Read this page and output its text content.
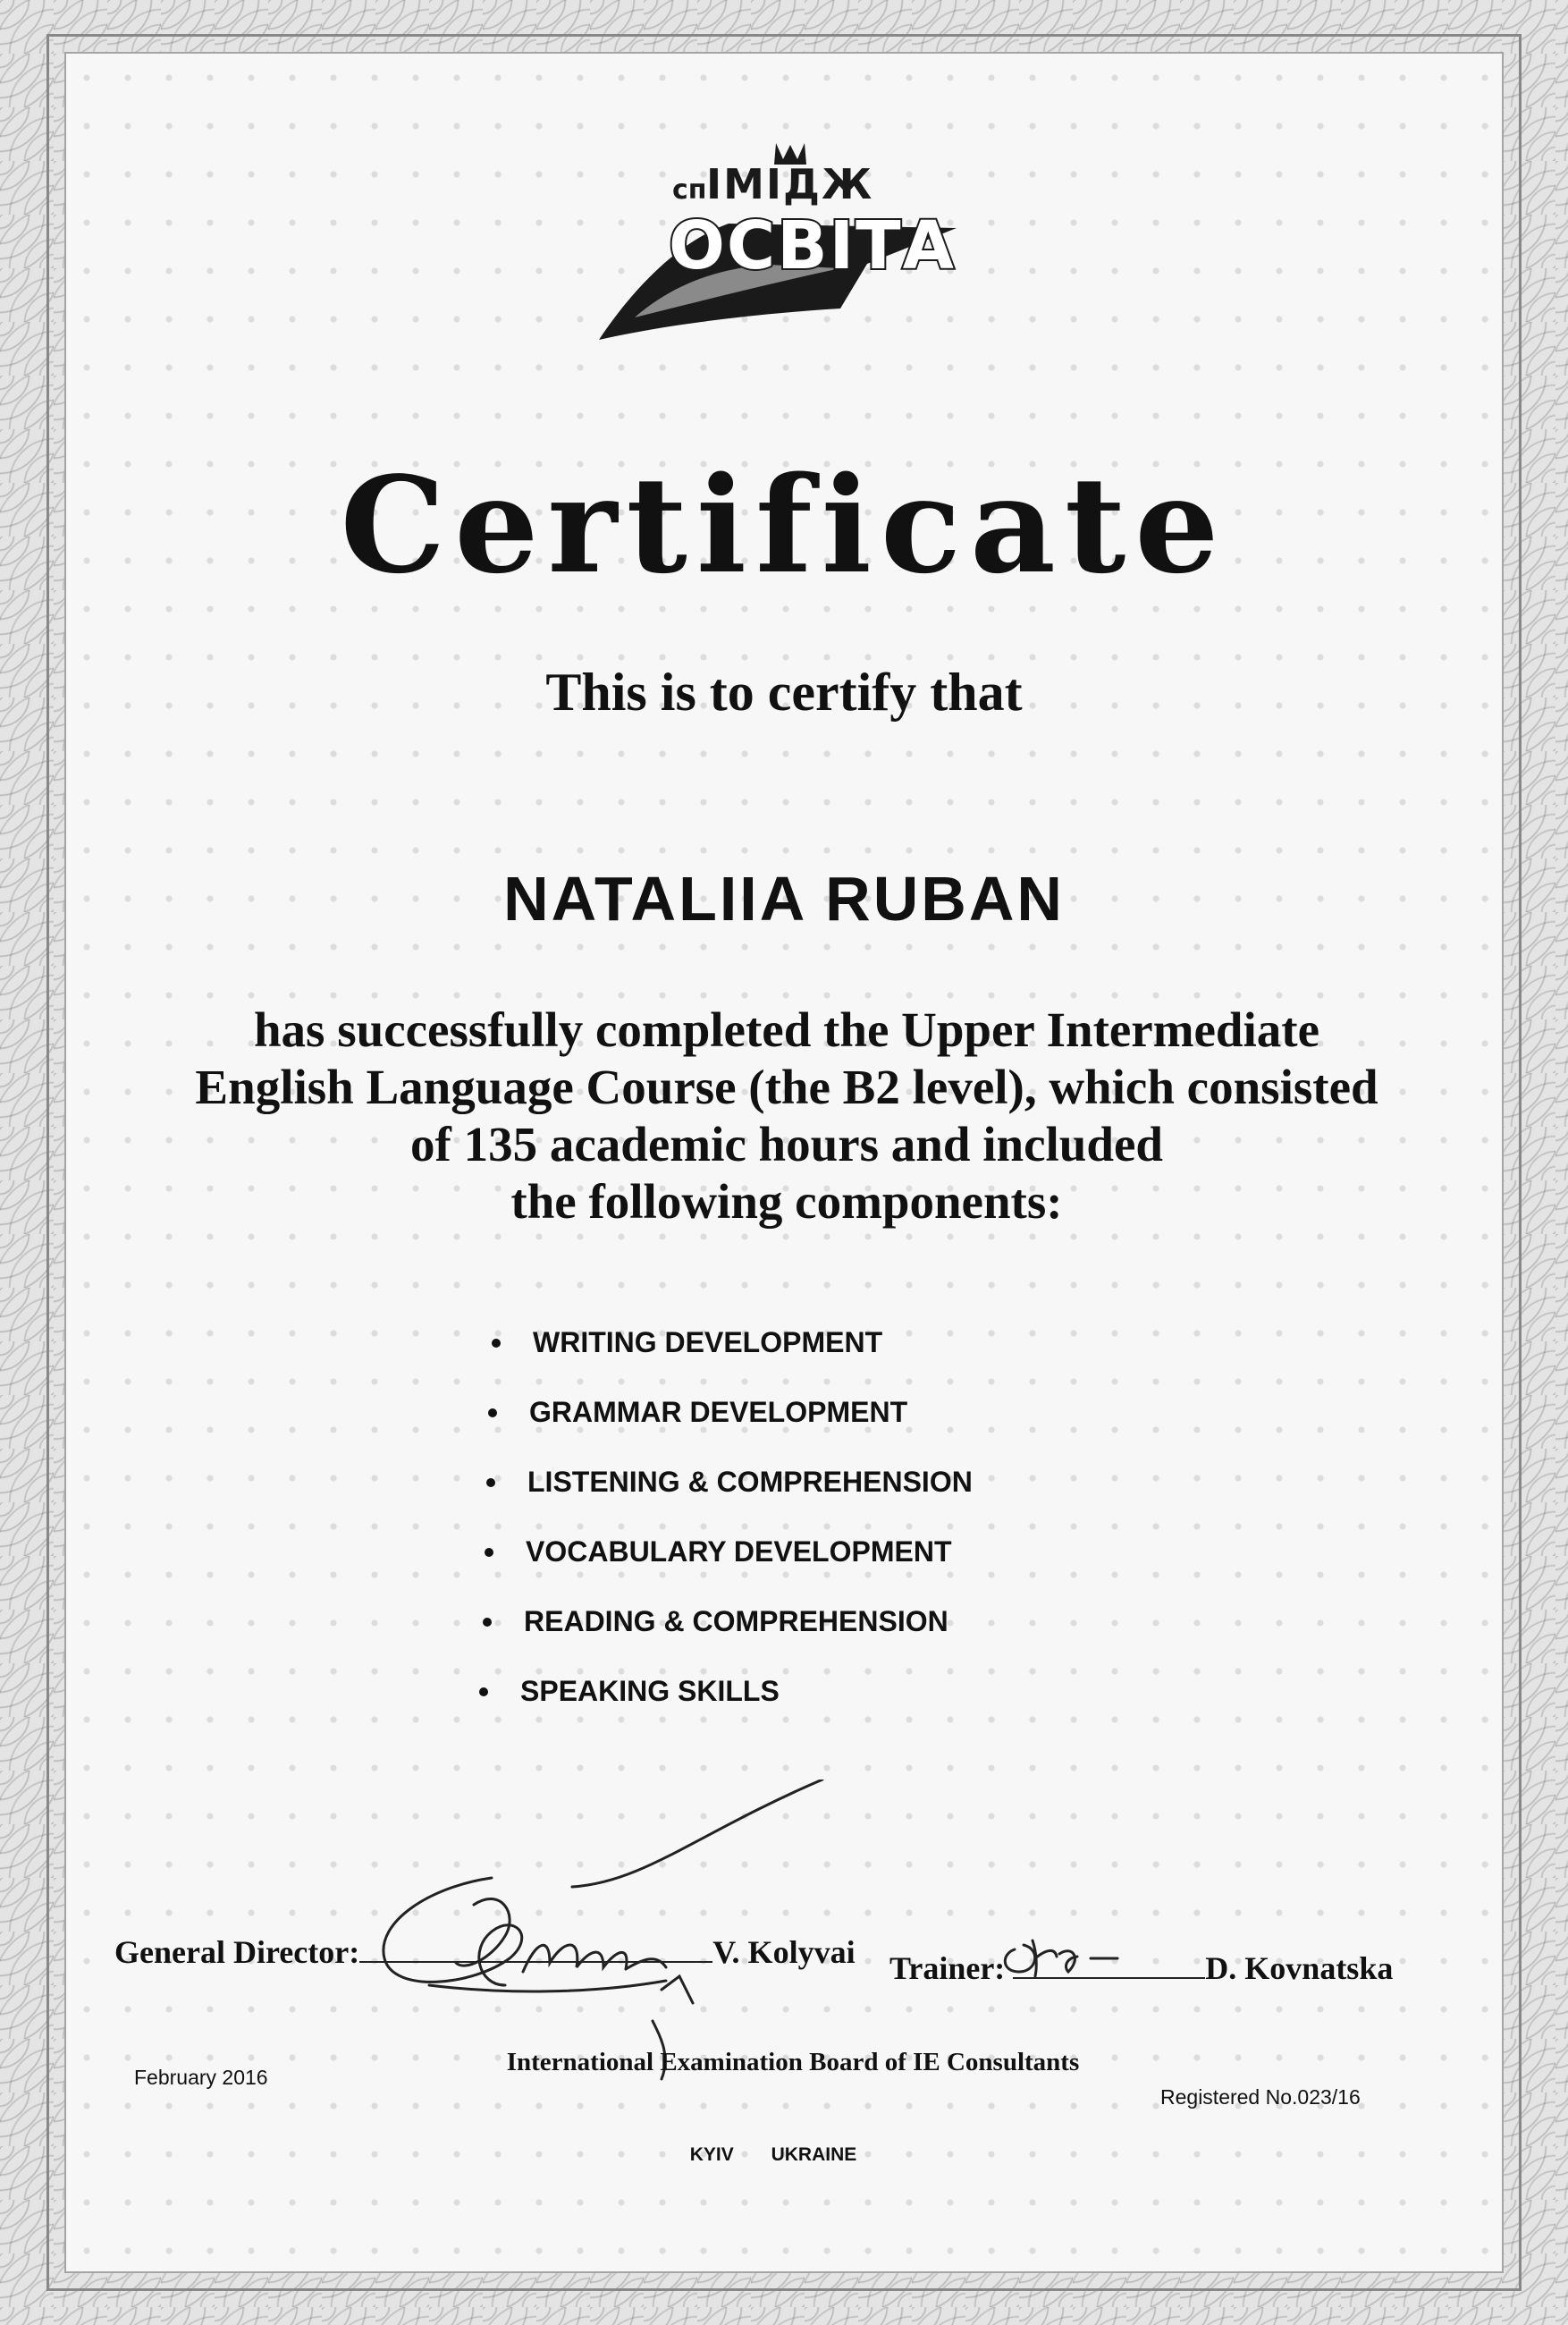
сп ІМІДЖ
ОСВІТА
Certificate
This is to certify that
NATALIIA RUBAN
has successfully completed the Upper Intermediate
English Language Course (the B2 level), which consisted
of 135 academic hours and included
the following components:
WRITING DEVELOPMENT
GRAMMAR DEVELOPMENT
LISTENING & COMPREHENSION
VOCABULARY DEVELOPMENT
READING & COMPREHENSION
SPEAKING SKILLS
General Director:	V. Kolyvai Trainer:	D. Kovnatska
International Examination Board of IE Consultants
February 2016
Registered No.023/16
KYIV UKRAINE
